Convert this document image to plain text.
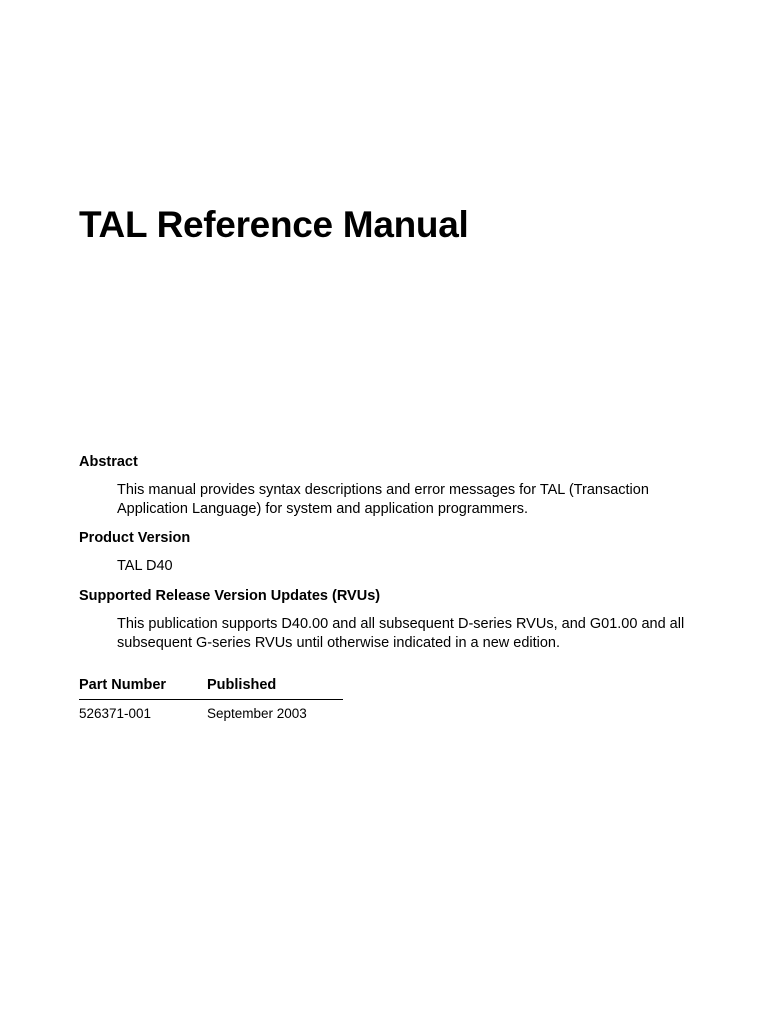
TAL Reference Manual
Abstract

This manual provides syntax descriptions and error messages for TAL (Transaction Application Language) for system and application programmers.

Product Version

TAL D40

Supported Release Version Updates (RVUs)

This publication supports D40.00 and all subsequent D-series RVUs, and G01.00 and all subsequent G-series RVUs until otherwise indicated in a new edition.

Part Number	Published
526371-001	September 2003
